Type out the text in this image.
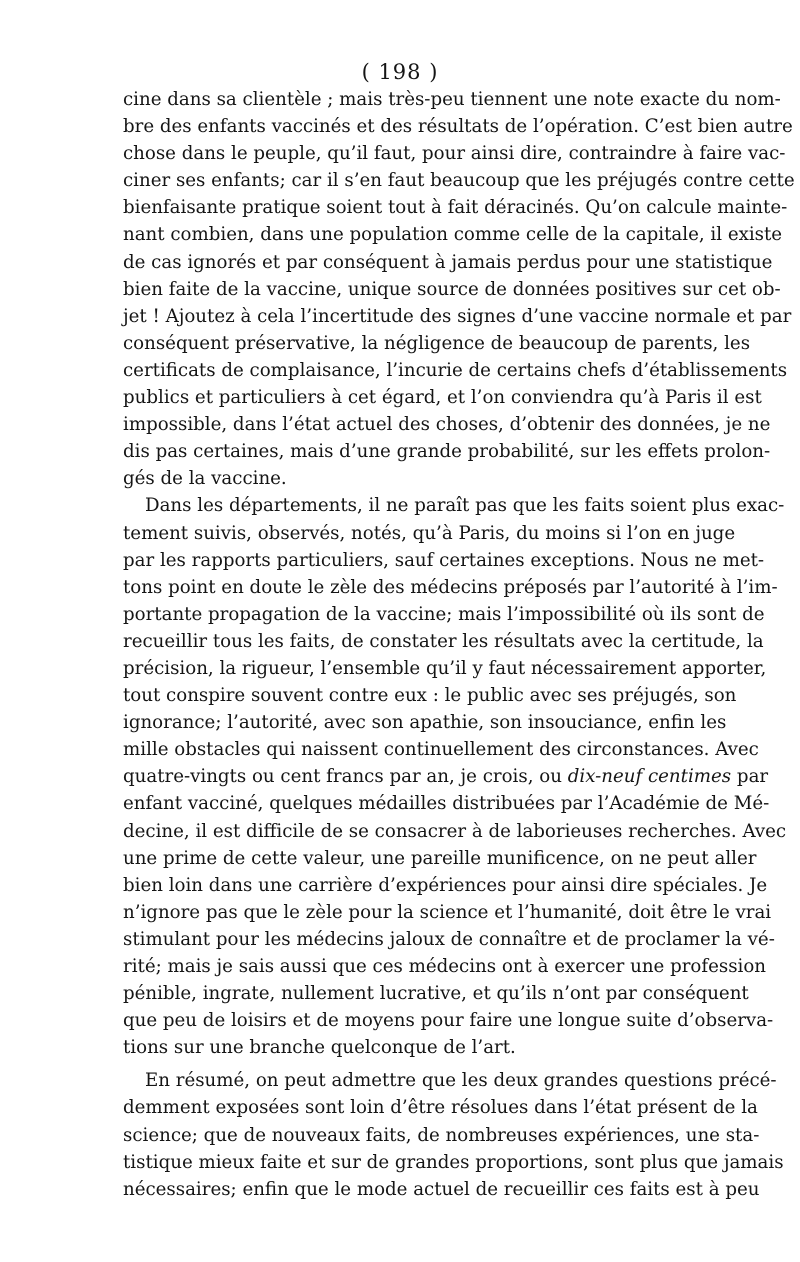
( 198 )
cine dans sa clientèle ; mais très-peu tiennent une note exacte du nom-
bre des enfants vaccinés et des résultats de l’opération. C’est bien autre
chose dans le peuple, qu’il faut, pour ainsi dire, contraindre à faire vac-
ciner ses enfants; car il s’en faut beaucoup que les préjugés contre cette
bienfaisante pratique soient tout à fait déracinés. Qu’on calcule mainte-
nant combien, dans une population comme celle de la capitale, il existe
de cas ignorés et par conséquent à jamais perdus pour une statistique
bien faite de la vaccine, unique source de données positives sur cet ob-
jet ! Ajoutez à cela l’incertitude des signes d’une vaccine normale et par
conséquent préservative, la négligence de beaucoup de parents, les
certificats de complaisance, l’incurie de certains chefs d’établissements
publics et particuliers à cet égard, et l’on conviendra qu’à Paris il est
impossible, dans l’état actuel des choses, d’obtenir des données, je ne
dis pas certaines, mais d’une grande probabilité, sur les effets prolon-
gés de la vaccine.
Dans les départements, il ne paraît pas que les faits soient plus exac-
tement suivis, observés, notés, qu’à Paris, du moins si l’on en juge
par les rapports particuliers, sauf certaines exceptions. Nous ne met-
tons point en doute le zèle des médecins préposés par l’autorité à l’im-
portante propagation de la vaccine; mais l’impossibilité où ils sont de
recueillir tous les faits, de constater les résultats avec la certitude, la
précision, la rigueur, l’ensemble qu’il y faut nécessairement apporter,
tout conspire souvent contre eux : le public avec ses préjugés, son
ignorance; l’autorité, avec son apathie, son insouciance, enfin les
mille obstacles qui naissent continuellement des circonstances. Avec
quatre-vingts ou cent francs par an, je crois, ou dix-neuf centimes par
enfant vacciné, quelques médailles distribuées par l’Académie de Mé-
decine, il est difficile de se consacrer à de laborieuses recherches. Avec
une prime de cette valeur, une pareille munificence, on ne peut aller
bien loin dans une carrière d’expériences pour ainsi dire spéciales. Je
n’ignore pas que le zèle pour la science et l’humanité, doit être le vrai
stimulant pour les médecins jaloux de connaître et de proclamer la vé-
rité; mais je sais aussi que ces médecins ont à exercer une profession
pénible, ingrate, nullement lucrative, et qu’ils n’ont par conséquent
que peu de loisirs et de moyens pour faire une longue suite d’observa-
tions sur une branche quelconque de l’art.
En résumé, on peut admettre que les deux grandes questions précé-
demment exposées sont loin d’être résolues dans l’état présent de la
science; que de nouveaux faits, de nombreuses expériences, une sta-
tistique mieux faite et sur de grandes proportions, sont plus que jamais
nécessaires; enfin que le mode actuel de recueillir ces faits est à peu
